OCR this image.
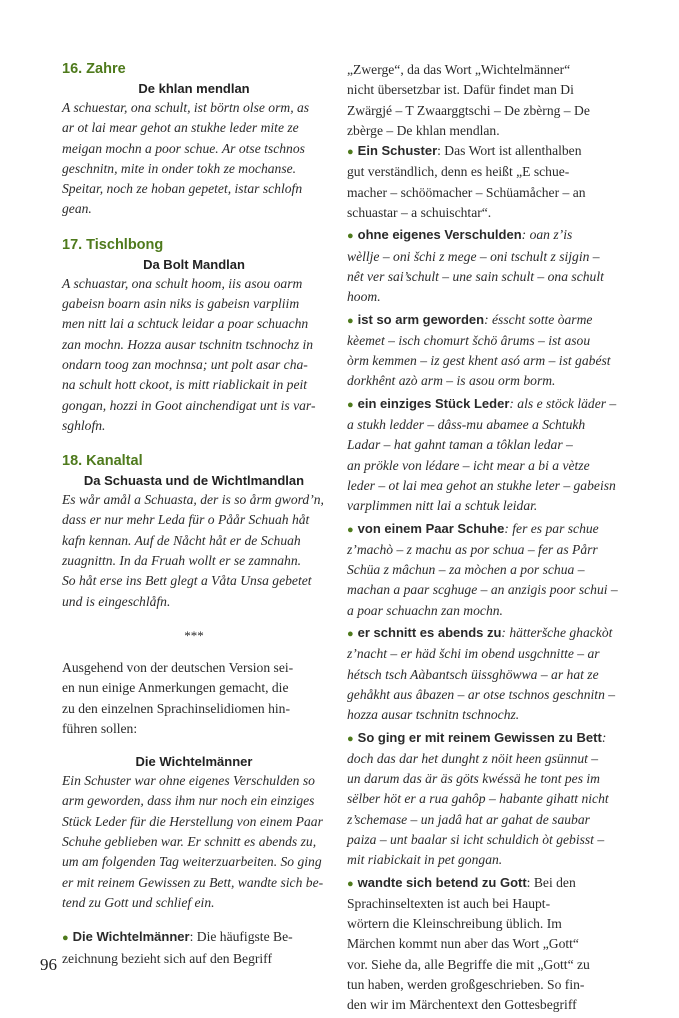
16. Zahre
De khlan mendlan
A schuestar, ona schult, ist börtn olse orm, as
ar ot lai mear gehot an stukhe leder mite ze
meigan mochn a poor schue. Ar otse tschnos
geschnitn, mite in onder tokh ze mochanse.
Speitar, noch ze hoban gepetet, istar schlofn
gean.
17. Tischlbong
Da Bolt Mandlan
A schuastar, ona schult hoom, iis asou oarm
gabeisn boarn asin niks is gabeisn varpliim
men nitt lai a schtuck leidar a poar schuachn
zan mochn. Hozza ausar tschnitn tschnochz in
ondarn toog zan mochnsa; unt polt asar cha-
na schult hott ckoot, is mitt riablickait in peit
gongan, hozzi in Goot ainchendigat unt is var-
sghlofn.
18. Kanaltal
Da Schuasta und de Wichtlmandlan
Es wår amål a Schuasta, der is so årm gword’n,
dass er nur mehr Leda für o Påår Schuah håt
kafn kennan. Auf de Nåcht håt er de Schuah
zuagnittn. In da Fruah wollt er se zamnahn.
So håt erse ins Bett glegt a Våta Unsa gebetet
und is eingeschlåfn.
***
Ausgehend von der deutschen Version sei-
en nun einige Anmerkungen gemacht, die
zu den einzelnen Sprachinselidiomen hin-
führen sollen:
Die Wichtelmänner
Ein Schuster war ohne eigenes Verschulden so
arm geworden, dass ihm nur noch ein einziges
Stück Leder für die Herstellung von einem Paar
Schuhe geblieben war. Er schnitt es abends zu,
um am folgenden Tag weiterzuarbeiten. So ging
er mit reinem Gewissen zu Bett, wandte sich be-
tend zu Gott und schlief ein.
● Die Wichtelmänner: Die häufigste Be-
zeichnung bezieht sich auf den Begriff
„Zwerge“, da das Wort „Wichtelmänner“
nicht übersetzbar ist. Dafür findet man Di
Zwärgjé – T Zwaarggtschi – De zbèrng – De
zbèrge – De khlan mendlan.
● Ein Schuster: Das Wort ist allenthalben
gut verständlich, denn es heißt „E schue-
macher – schöömacher – Schüamåcher – an
schuastar – a schuischtar“.
● ohne eigenes Verschulden: oan z’is
wèllje – oni šchi z mege – oni tschult z sijgin –
nêt ver sai’schult – une sain schult – ona schult
hoom.
● ist so arm geworden: ésscht sotte òarme
kèemet – isch chomurt šchö ârums – ist asou
òrm kemmen – iz gest khent asó arm – ist gabést
dorkhênt azò arm – is asou orm borm.
● ein einziges Stück Leder: als e stöck läder –
a stukh ledder – dâss-mu abamee a Schtukh
Ladar – hat gahnt taman a tôklan ledar –
an prökle von lédare – icht mear a bi a vètze
leder – ot lai mea gehot an stukhe leter – gabeisn
varplimmen nitt lai a schtuk leidar.
● von einem Paar Schuhe: fer es par schue
z’machò – z machu as por schua – fer as Pårr
Schüa z mâchun – za mòchen a por schua –
machan a paar scghuge – an anzigis poor schui –
a poar schuachn zan mochn.
● er schnitt es abends zu: hätteršche ghackòt
z’nacht – er häd šchi im obend usgchnitte – ar
hétsch tsch Aàbantsch üissghöwwa – ar hat ze
gehåkht aus âbazen – ar otse tschnos geschnitn –
hozza ausar tschnitn tschnochz.
● So ging er mit reinem Gewissen zu Bett:
doch das dar het dunght z nöit heen gsünnut –
un darum das är äs göts kwéssä he tont pes im
sëlber höt er a rua gahôp – habante gihatt nicht
z’schemase – un jadâ hat ar gahat de saubar
paiza – unt baalar si icht schuldich òt gebisst –
mit riabickait in pet gongan.
● wandte sich betend zu Gott: Bei den
Sprachinseltexten ist auch bei Haupt-
wörtern die Kleinschreibung üblich. Im
Märchen kommt nun aber das Wort „Gott“
vor. Siehe da, alle Begriffe die mit „Gott“ zu
tun haben, werden großgeschrieben. So fin-
den wir im Märchentext den Gottesbegriff
96
